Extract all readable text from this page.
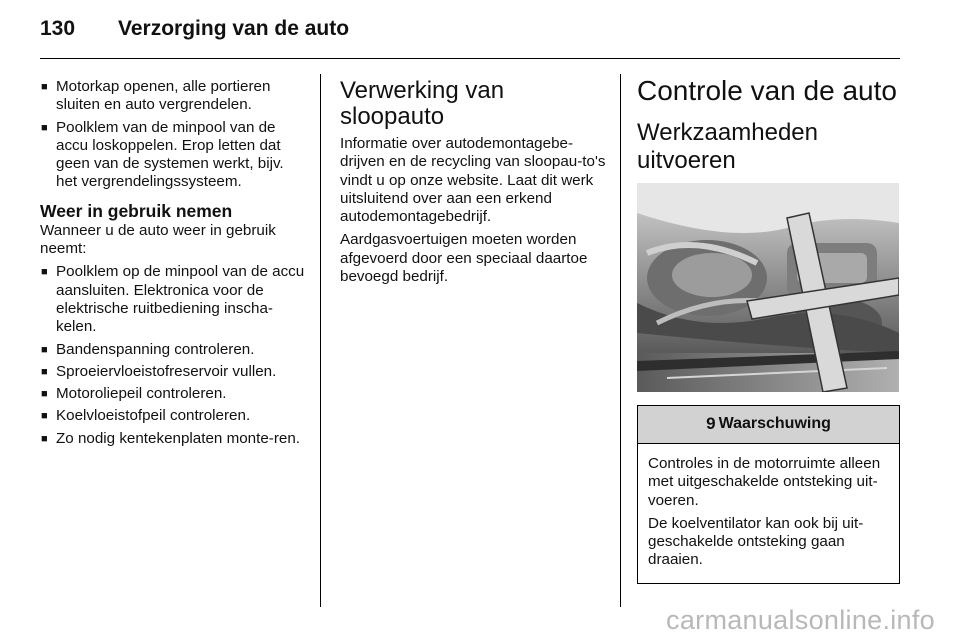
130 Verzorging van de auto
■ Motorkap openen, alle portieren sluiten en auto vergrendelen.
■ Poolklem van de minpool van de accu loskoppelen. Erop letten dat geen van de systemen werkt, bijv. het vergrendelingssysteem.
Weer in gebruik nemen

Wanneer u de auto weer in gebruik neemt:

■ Poolklem op de minpool van de accu aansluiten. Elektronica voor de elektrische ruitbediening inscha-kelen.
■ Bandenspanning controleren.
■ Sproeiervloeistofreservoir vullen.
■ Motoroliepeil controleren.
■ Koelvloeistofpeil controleren.
■ Zo nodig kentekenplaten monte-ren.
Verwerking van sloopauto

Informatie over autodemontagebe-drijven en de recycling van sloopau-to's vindt u op onze website. Laat dit werk uitsluitend over aan een erkend autodemontagebedrijf.

Aardgasvoertuigen moeten worden afgevoerd door een speciaal daartoe bevoegd bedrijf.

Controle van de auto
Werkzaamheden uitvoeren
9 Waarschuwing

Controles in de motorruimte alleen met uitgeschakelde ontsteking uit-voeren.

De koelventilator kan ook bij uit-geschakelde ontsteking gaan draaien.

carmanualsonline.info
